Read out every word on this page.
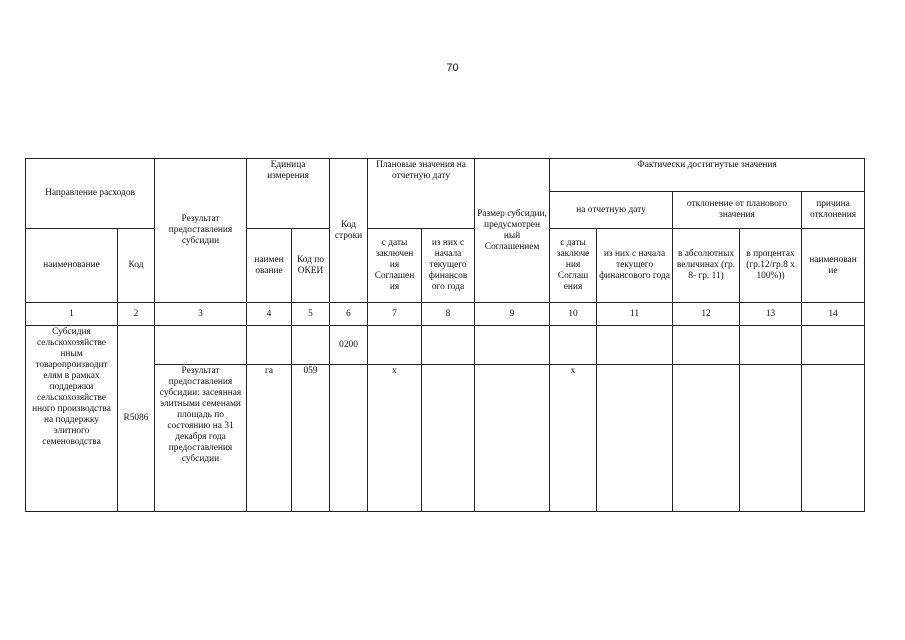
70
Направление расходов		Результат предоставления субсидии	Единица измерения		Код строки	Плановые значения на отчетную дату		Размер субсидии, предусмотрен ный Соглашением	Фактически достигнутые значения				
									на отчетную дату		отклонение от планового значения		причина отклонения
наименование	Код		наимен ование	Код по ОКЕИ		с даты заключен ия Соглашен ия	из них с начала текущего финансов ого года		с даты заключе ния Соглаш ения	из них с начала текущего финансового года	в абсолютных величинах (гр. 8- гр. 11)	в процентах (гр.12/гр.8 х 100%))	наименован ие
1	2	3	4	5	6	7	8	9	10	11	12	13	14
Субсидия сельскохозяйстве нным товаропроизводит елям в рамках поддержки сельскохозяйстве нного производства на поддержку элитного семеноводства	R5086				0200								
		Результат предоставления субсидии: засеянная элитными семенами площадь по состоянию на 31 декабря года предоставления субсидии	га	059		х			х				
